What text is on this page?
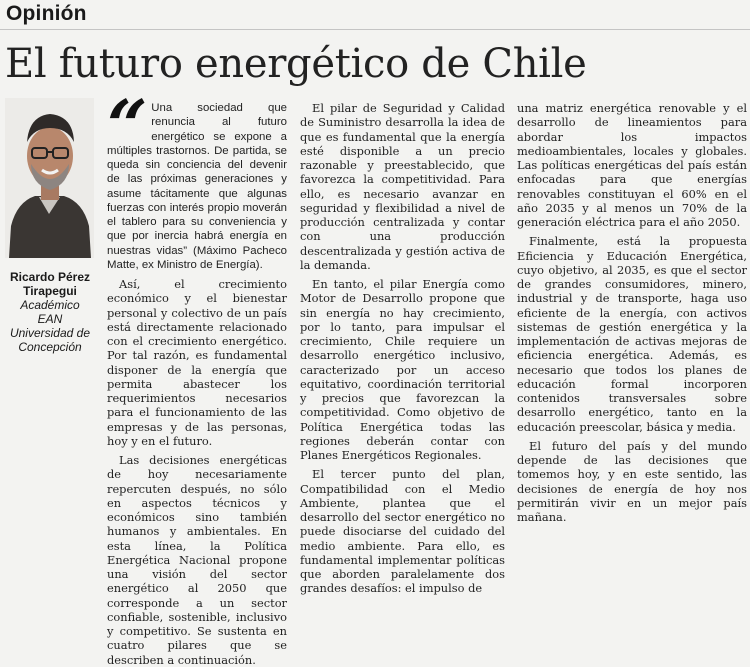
Opinión
El futuro energético de Chile
Ricardo Pérez Tirapegui
Académico
EAN
Universidad de
Concepción

“
Una sociedad que renuncia al futuro energético se expone a múltiples trastornos. De partida, se queda sin conciencia del devenir de las próximas generaciones y asume tácitamente que algunas fuerzas con interés propio moverán el tablero para su conveniencia y que por inercia habrá energía en nuestras vidas” (Máximo Pacheco Matte, ex Ministro de Energía).

Así, el crecimiento económico y el bienestar personal y colectivo de un país está directamente relacionado con el crecimiento energético. Por tal razón, es fundamental disponer de la energía que permita abastecer los requerimientos necesarios para el funcionamiento de las empresas y de las personas, hoy y en el futuro.

Las decisiones energéticas de hoy necesariamente repercuten después, no sólo en aspectos técnicos y económicos sino también humanos y ambientales. En esta línea, la Política Energética Nacional propone una visión del sector energético al 2050 que corresponde a un sector confiable, sostenible, inclusivo y competitivo. Se sustenta en cuatro pilares que se describen a continuación.

El pilar de Seguridad y Calidad de Suministro desarrolla la idea de que es fundamental que la energía esté disponible a un precio razonable y preestablecido, que favorezca la competitividad. Para ello, es necesario avanzar en seguridad y flexibilidad a nivel de producción centralizada y contar con una producción descentralizada y gestión activa de la demanda.

En tanto, el pilar Energía como Motor de Desarrollo propone que sin energía no hay crecimiento, por lo tanto, para impulsar el crecimiento, Chile requiere un desarrollo energético inclusivo, caracterizado por un acceso equitativo, coordinación territorial y precios que favorezcan la competitividad. Como objetivo de Política Energética todas las regiones deberán contar con Planes Energéticos Regionales.

El tercer punto del plan, Compatibilidad con el Medio Ambiente, plantea que el desarrollo del sector energético no puede disociarse del cuidado del medio ambiente. Para ello, es fundamental implementar políticas que aborden paralelamente dos grandes desafíos: el impulso de

una matriz energética renovable y el desarrollo de lineamientos para abordar los impactos medioambientales, locales y globales. Las políticas energéticas del país están enfocadas para que energías renovables constituyan el 60% en el año 2035 y al menos un 70% de la generación eléctrica para el año 2050.

Finalmente, está la propuesta Eficiencia y Educación Energética, cuyo objetivo, al 2035, es que el sector de grandes consumidores, minero, industrial y de transporte, haga uso eficiente de la energía, con activos sistemas de gestión energética y la implementación de activas mejoras de eficiencia energética. Además, es necesario que todos los planes de educación formal incorporen contenidos transversales sobre desarrollo energético, tanto en la educación preescolar, básica y media.

El futuro del país y del mundo depende de las decisiones que tomemos hoy, y en este sentido, las decisiones de energía de hoy nos permitirán vivir en un mejor país mañana.
